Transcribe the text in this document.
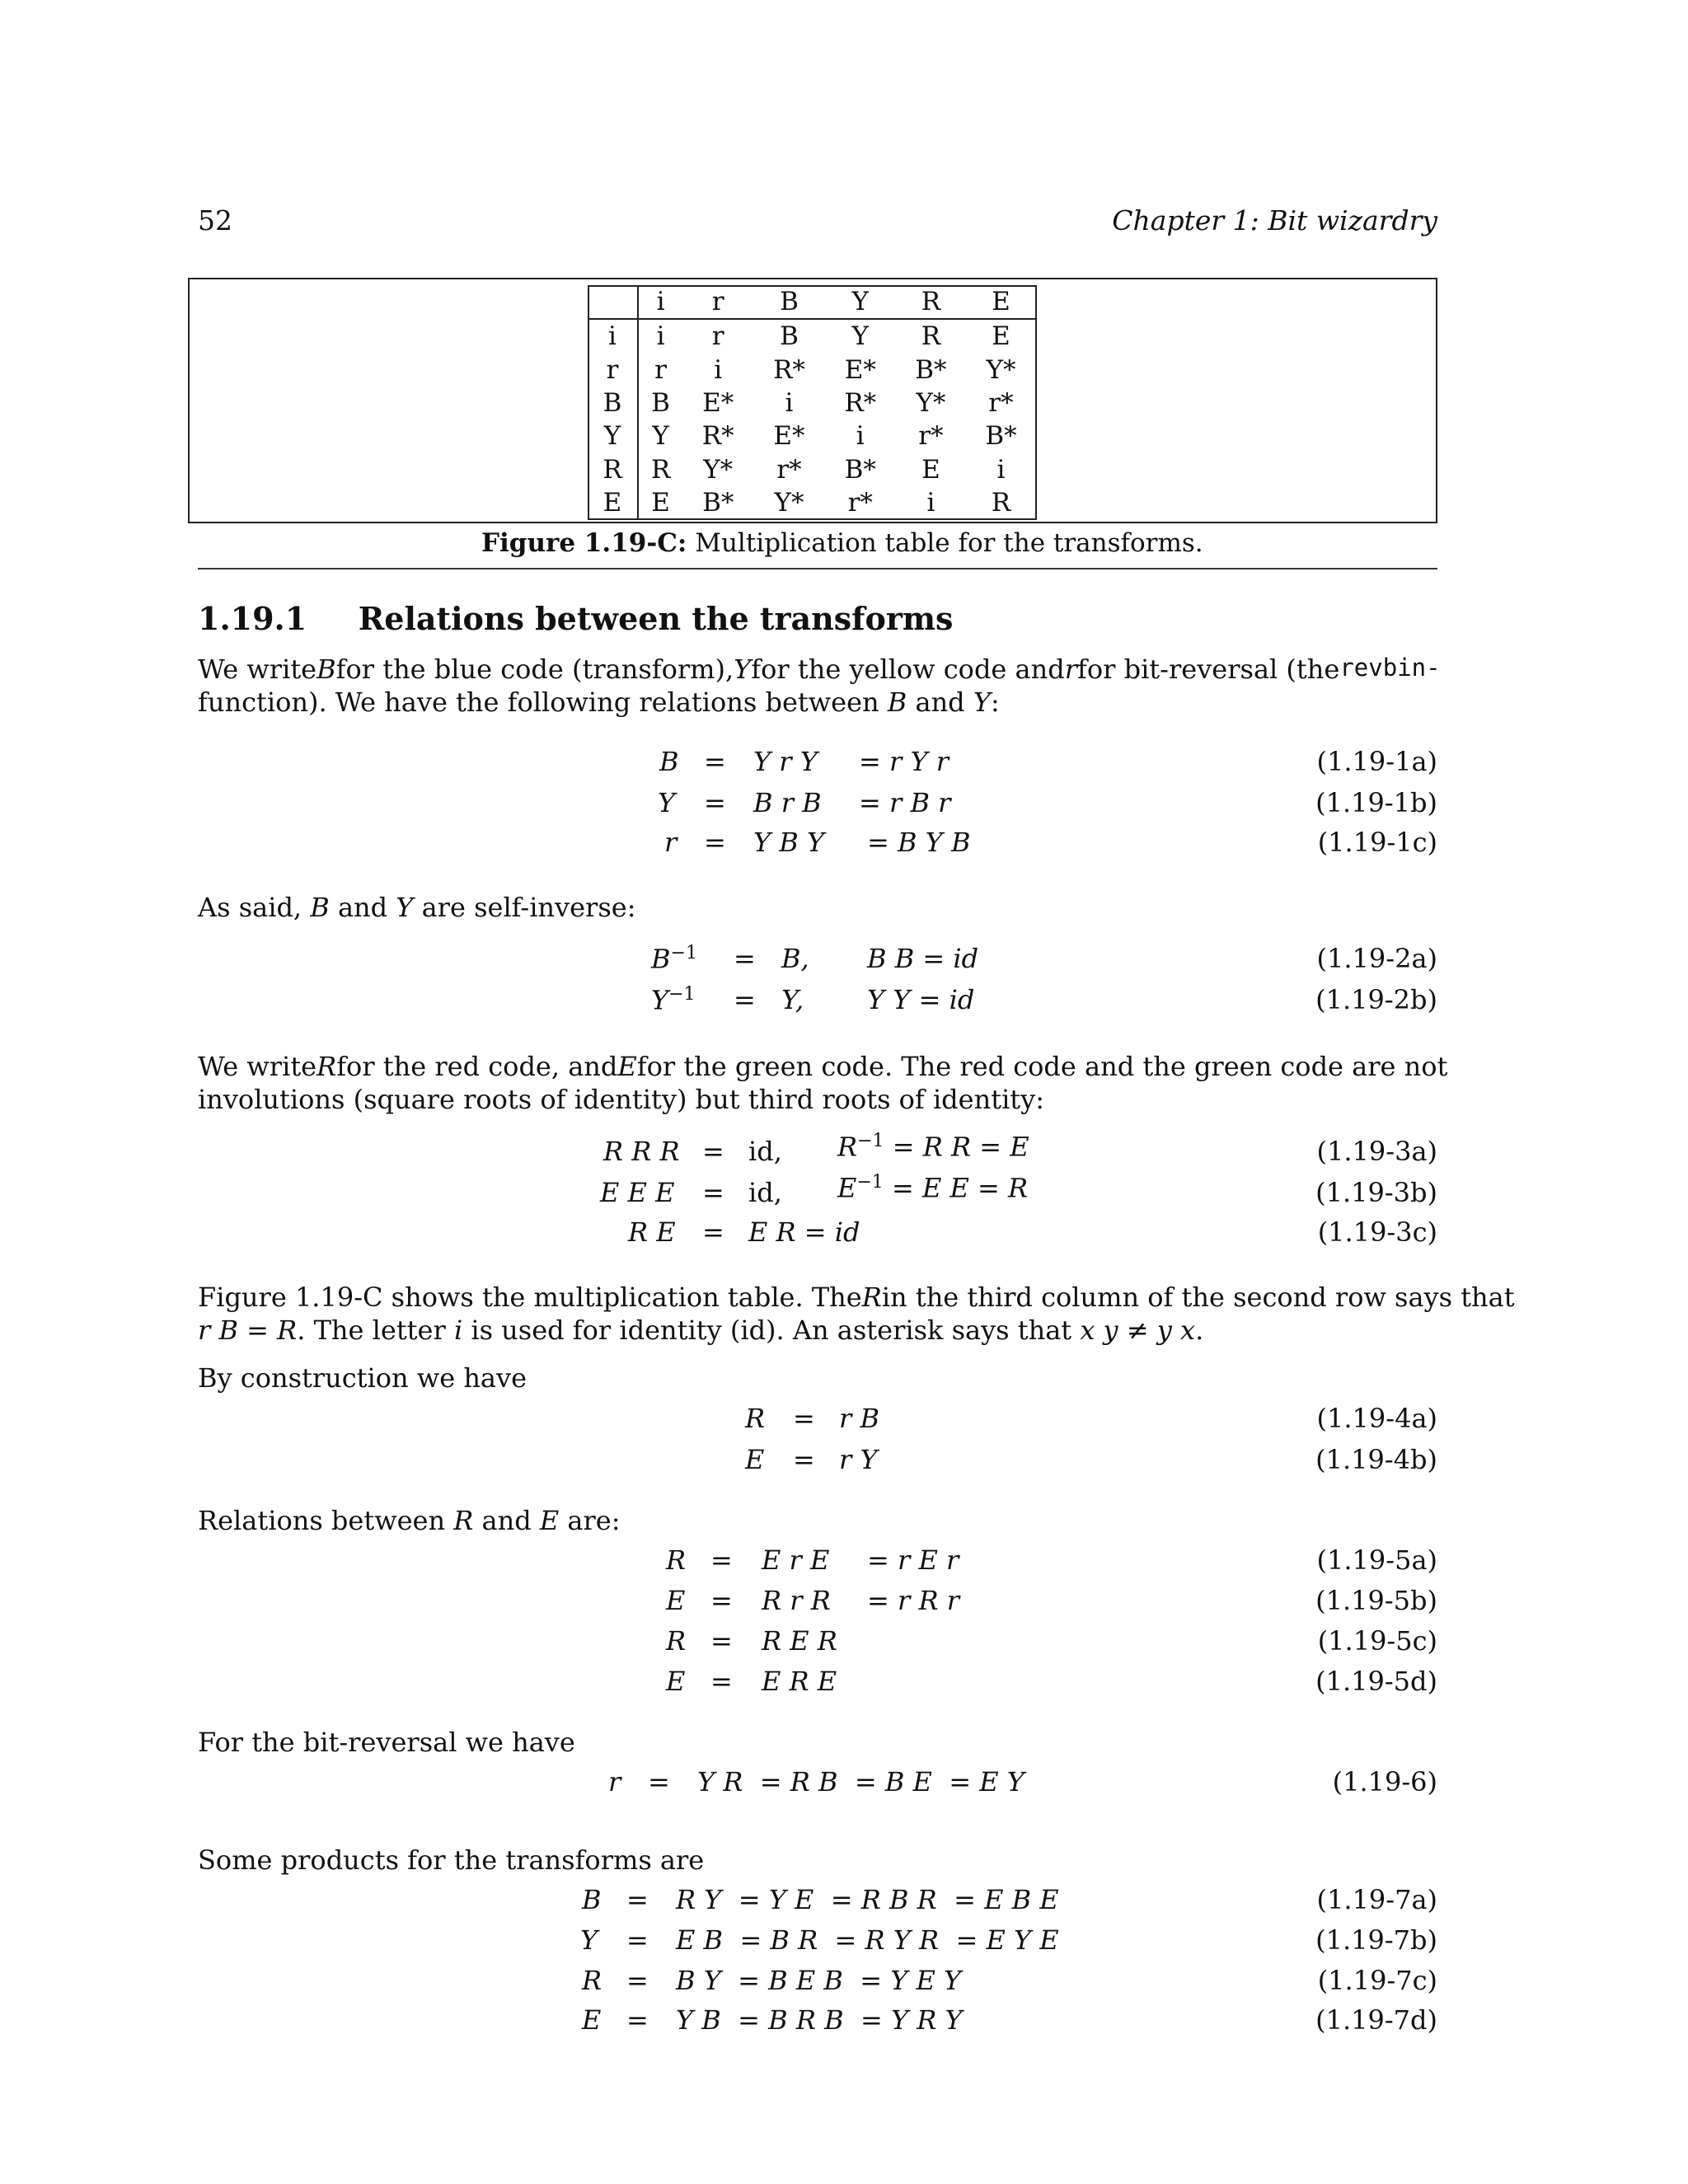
52	Chapter 1: Bit wizardry
	i	r	B	Y	R	E
i	i	r	B	Y	R	E
r	r	i	R*	E*	B*	Y*
B	B	E*	i	R*	Y*	r*
Y	Y	R*	E*	i	r*	B*
R	R	Y*	r*	B*	E	i
E	E	B*	Y*	r*	i	R
Figure 1.19-C: Multiplication table for the transforms.
1.19.1 Relations between the transforms
We write B for the blue code (transform), Y for the yellow code and r for bit-reversal (the revbin-
function). We have the following relations between B and Y:
B = Y r Y = r Y r	(1.19-1a)
Y = B r B = r B r	(1.19-1b)
r = Y B Y = B Y B	(1.19-1c)
As said, B and Y are self-inverse:
$B^{-1} = B$, B B = id	(1.19-2a)
$Y^{-1} = Y$, Y Y = id	(1.19-2b)
We write R for the red code, and E for the green code. The red code and the green code are not
involutions (square roots of identity) but third roots of identity:
R R R = id, $R^{-1} = R$ R = E	(1.19-3a)
E E E = id, $E^{-1} = E$ E = R	(1.19-3b)
R E = E R = id	(1.19-3c)
Figure 1.19-C shows the multiplication table. The R in the third column of the second row says that
r B = R. The letter i is used for identity (id). An asterisk says that x y ≠ y x.
By construction we have
R = r B	(1.19-4a)
E = r Y	(1.19-4b)
Relations between R and E are:
R = E r E = r E r	(1.19-5a)
E = R r R = r R r	(1.19-5b)
R = R E R	(1.19-5c)
E = E R E	(1.19-5d)
For the bit-reversal we have
r = Y R  = R B  = B E  = E Y	(1.19-6)
Some products for the transforms are
B = R Y  = Y E  = R B R  = E B E	(1.19-7a)
Y = E B  = B R  = R Y R  = E Y E	(1.19-7b)
R = B Y  = B E B  = Y E Y	(1.19-7c)
E = Y B  = B R B  = Y R Y	(1.19-7d)
